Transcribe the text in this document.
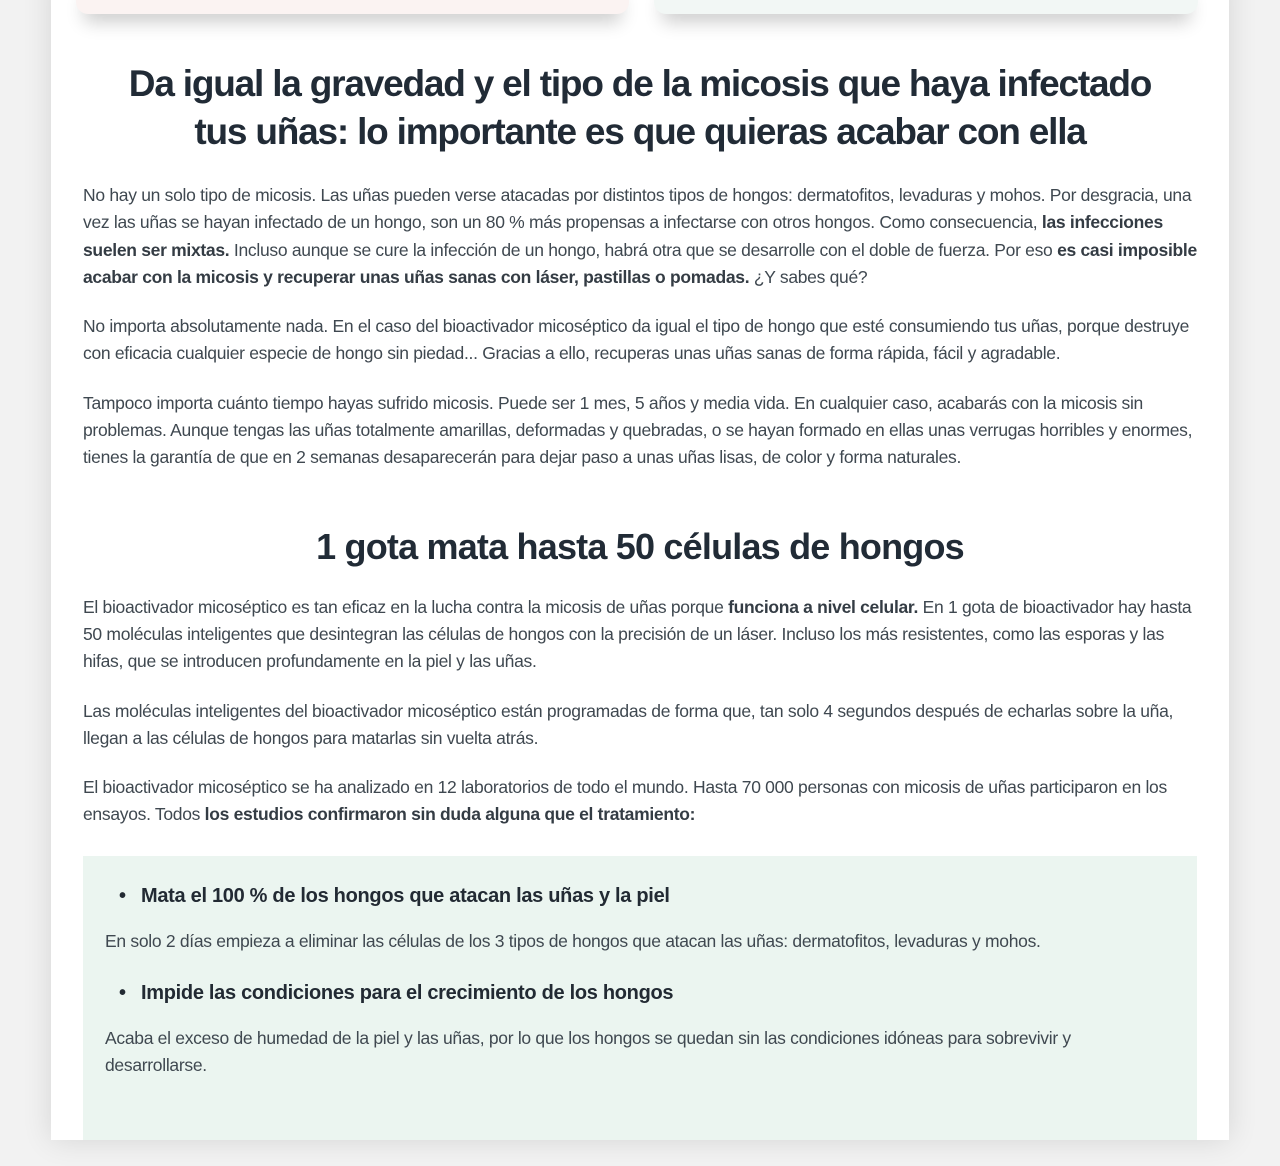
Da igual la gravedad y el tipo de la micosis que haya infectado
tus uñas: lo importante es que quieras acabar con ella

No hay un solo tipo de micosis. Las uñas pueden verse atacadas por distintos tipos de hongos: dermatofitos, levaduras y mohos. Por desgracia, una vez las uñas se hayan infectado de un hongo, son un 80 % más propensas a infectarse con otros hongos. Como consecuencia, las infecciones suelen ser mixtas. Incluso aunque se cure la infección de un hongo, habrá otra que se desarrolle con el doble de fuerza. Por eso es casi imposible acabar con la micosis y recuperar unas uñas sanas con láser, pastillas o pomadas. ¿Y sabes qué?

No importa absolutamente nada. En el caso del bioactivador micoséptico da igual el tipo de hongo que esté consumiendo tus uñas, porque destruye con eficacia cualquier especie de hongo sin piedad... Gracias a ello, recuperas unas uñas sanas de forma rápida, fácil y agradable.

Tampoco importa cuánto tiempo hayas sufrido micosis. Puede ser 1 mes, 5 años y media vida. En cualquier caso, acabarás con la micosis sin problemas. Aunque tengas las uñas totalmente amarillas, deformadas y quebradas, o se hayan formado en ellas unas verrugas horribles y enormes, tienes la garantía de que en 2 semanas desaparecerán para dejar paso a unas uñas lisas, de color y forma naturales.

1 gota mata hasta 50 células de hongos

El bioactivador micoséptico es tan eficaz en la lucha contra la micosis de uñas porque funciona a nivel celular. En 1 gota de bioactivador hay hasta 50 moléculas inteligentes que desintegran las células de hongos con la precisión de un láser. Incluso los más resistentes, como las esporas y las hifas, que se introducen profundamente en la piel y las uñas.

Las moléculas inteligentes del bioactivador micoséptico están programadas de forma que, tan solo 4 segundos después de echarlas sobre la uña, llegan a las células de hongos para matarlas sin vuelta atrás.

El bioactivador micoséptico se ha analizado en 12 laboratorios de todo el mundo. Hasta 70 000 personas con micosis de uñas participaron en los ensayos. Todos los estudios confirmaron sin duda alguna que el tratamiento:

• Mata el 100 % de los hongos que atacan las uñas y la piel

En solo 2 días empieza a eliminar las células de los 3 tipos de hongos que atacan las uñas: dermatofitos, levaduras y mohos.

• Impide las condiciones para el crecimiento de los hongos

Acaba el exceso de humedad de la piel y las uñas, por lo que los hongos se quedan sin las condiciones idóneas para sobrevivir y desarrollarse.
